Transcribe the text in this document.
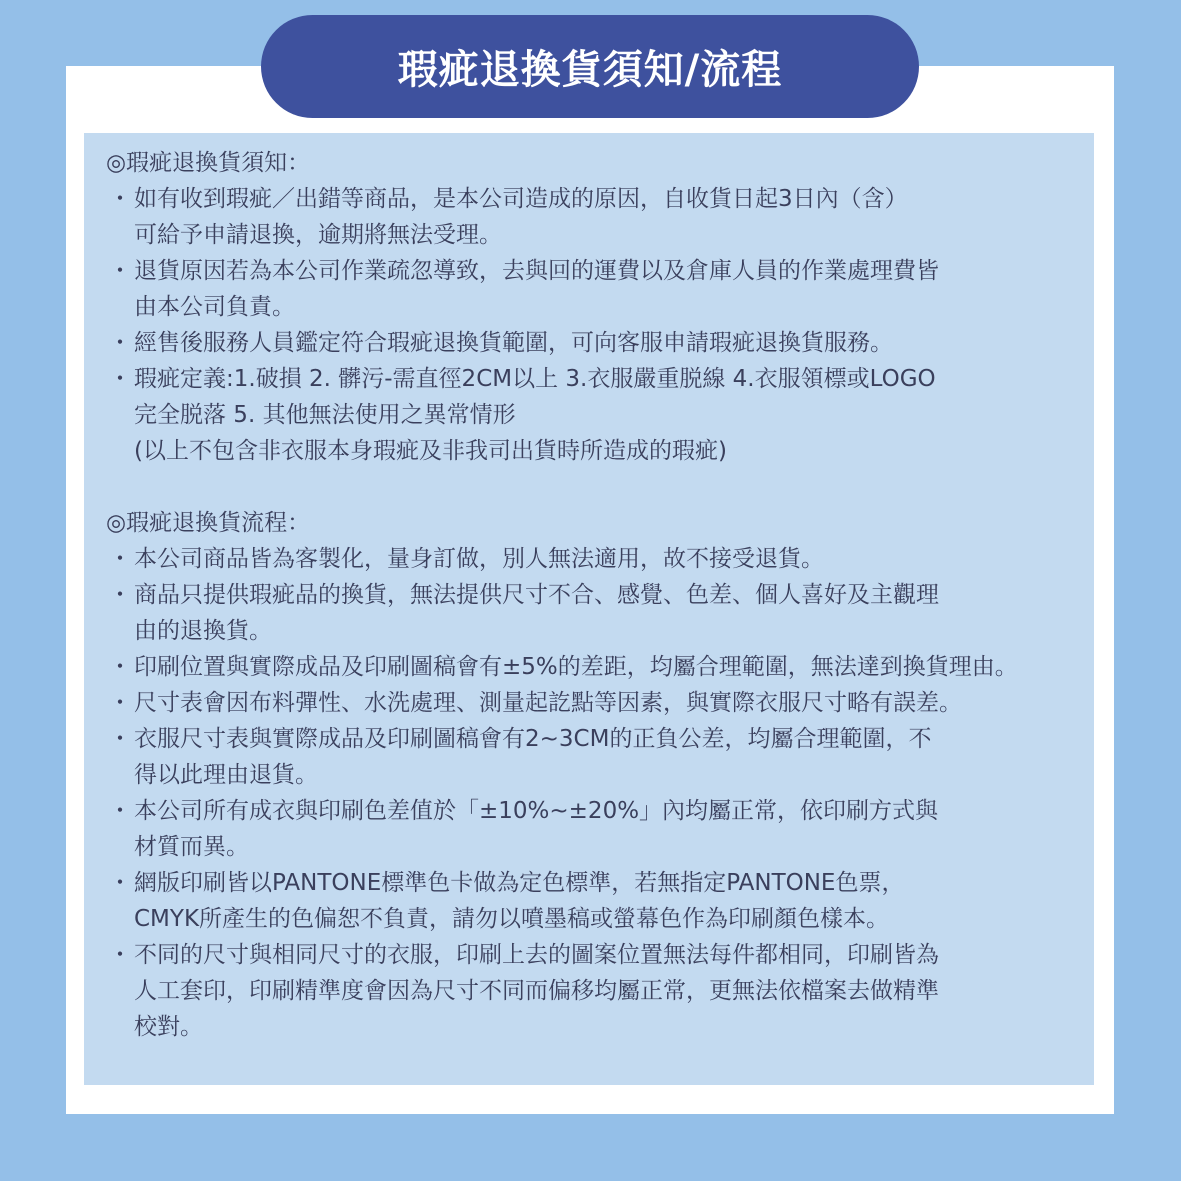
瑕疵退換貨須知/流程
◎瑕疵退換貨須知：
・ 如有收到瑕疵／出錯等商品，是本公司造成的原因，自收貨日起3日內（含）
可給予申請退換，逾期將無法受理。
・ 退貨原因若為本公司作業疏忽導致，去與回的運費以及倉庫人員的作業處理費皆
由本公司負責。
・ 經售後服務人員鑑定符合瑕疵退換貨範圍，可向客服申請瑕疵退換貨服務。
・ 瑕疵定義:1.破損 2. 髒污-需直徑2CM以上 3.衣服嚴重脱線 4.衣服領標或LOGO
完全脱落 5. 其他無法使用之異常情形
(以上不包含非衣服本身瑕疵及非我司出貨時所造成的瑕疵)
◎瑕疵退換貨流程：
・ 本公司商品皆為客製化，量身訂做，別人無法適用，故不接受退貨。
・ 商品只提供瑕疵品的換貨，無法提供尺寸不合、感覺、色差、個人喜好及主觀理
由的退換貨。
・ 印刷位置與實際成品及印刷圖稿會有±5%的差距，均屬合理範圍，無法達到換貨理由。
・ 尺寸表會因布料彈性、水洗處理、測量起訖點等因素，與實際衣服尺寸略有誤差。
・ 衣服尺寸表與實際成品及印刷圖稿會有2~3CM的正負公差，均屬合理範圍，不
得以此理由退貨。
・ 本公司所有成衣與印刷色差值於「±10%~±20%」內均屬正常，依印刷方式與
材質而異。
・ 網版印刷皆以PANTONE標準色卡做為定色標準，若無指定PANTONE色票，
CMYK所產生的色偏恕不負責，請勿以噴墨稿或螢幕色作為印刷顏色樣本。
・ 不同的尺寸與相同尺寸的衣服，印刷上去的圖案位置無法每件都相同，印刷皆為
人工套印，印刷精準度會因為尺寸不同而偏移均屬正常，更無法依檔案去做精準
校對。
